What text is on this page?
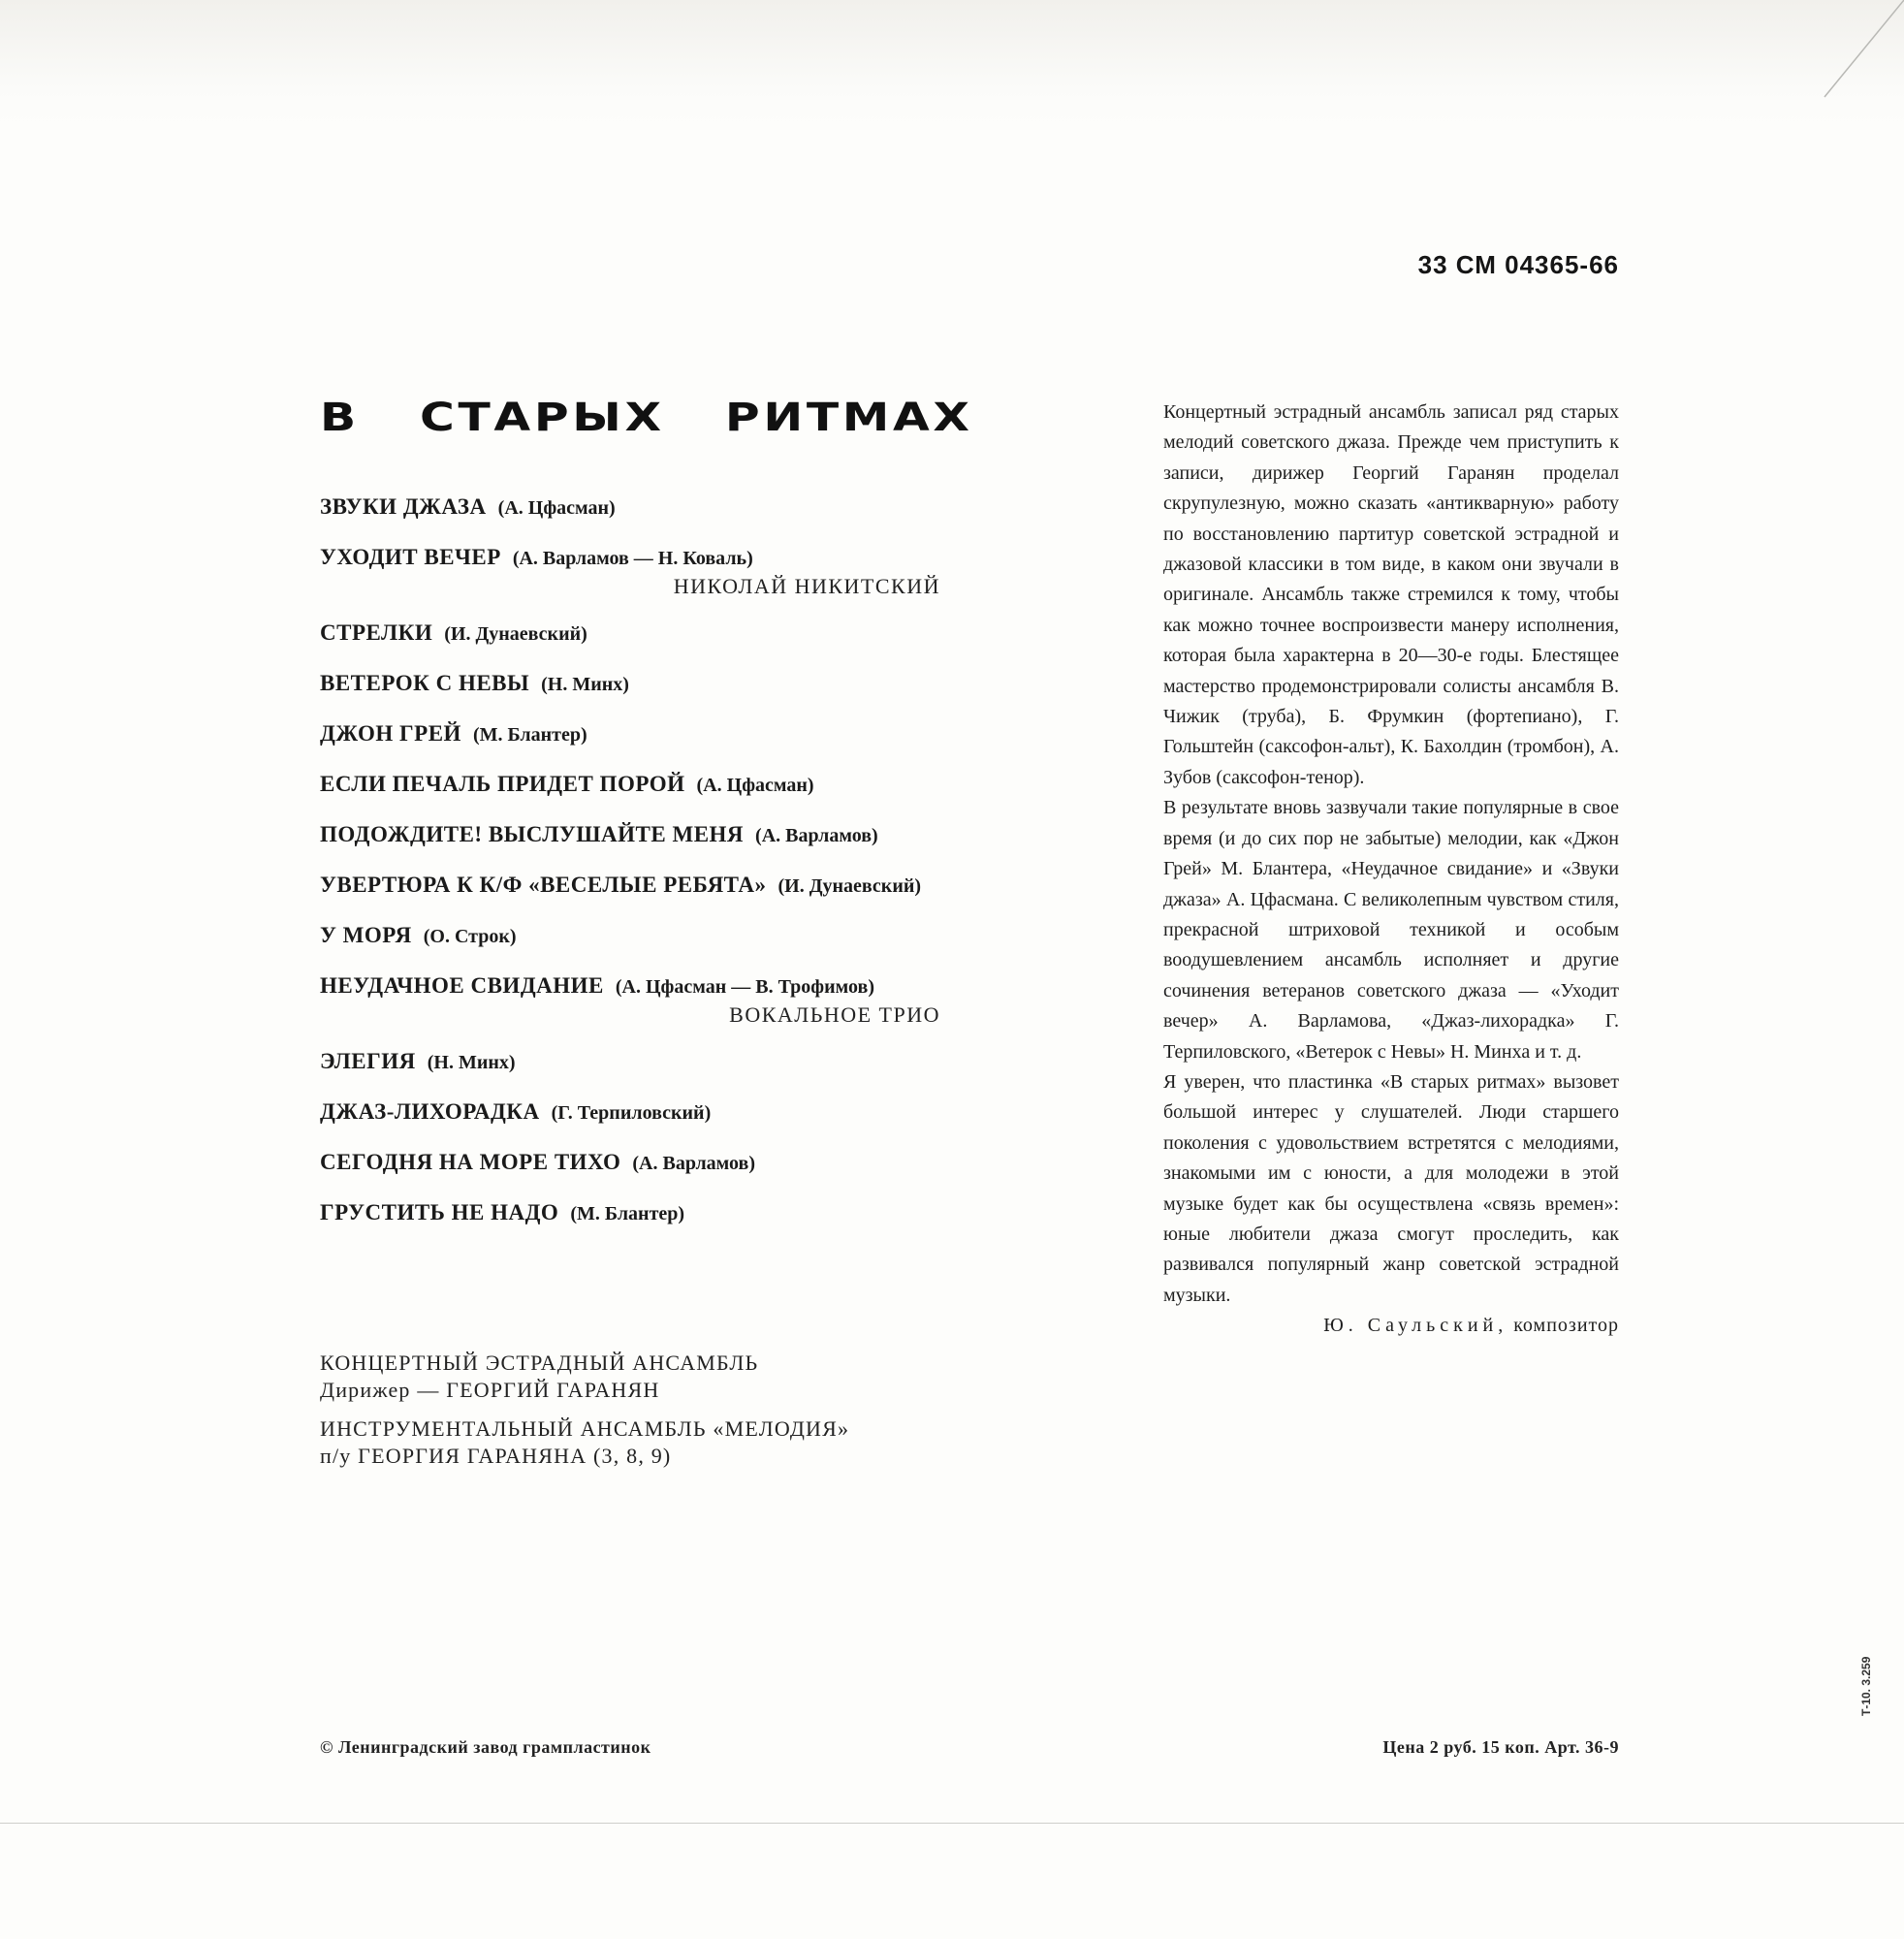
33 СМ 04365-66
В СТАРЫХ РИТМАХ
ЗВУКИ ДЖАЗА (А. Цфасман)
УХОДИТ ВЕЧЕР (А. Варламов — Н. Коваль)
НИКОЛАЙ НИКИТСКИЙ
СТРЕЛКИ (И. Дунаевский)
ВЕТЕРОК С НЕВЫ (Н. Минх)
ДЖОН ГРЕЙ (М. Блантер)
ЕСЛИ ПЕЧАЛЬ ПРИДЕТ ПОРОЙ (А. Цфасман)
ПОДОЖДИТЕ! ВЫСЛУШАЙТЕ МЕНЯ (А. Варламов)
УВЕРТЮРА К К/Ф «ВЕСЕЛЫЕ РЕБЯТА» (И. Дунаевский)
У МОРЯ (О. Строк)
НЕУДАЧНОЕ СВИДАНИЕ (А. Цфасман — В. Трофимов)
ВОКАЛЬНОЕ ТРИО
ЭЛЕГИЯ (Н. Минх)
ДЖАЗ-ЛИХОРАДКА (Г. Терпиловский)
СЕГОДНЯ НА МОРЕ ТИХО (А. Варламов)
ГРУСТИТЬ НЕ НАДО (М. Блантер)
КОНЦЕРТНЫЙ ЭСТРАДНЫЙ АНСАМБЛЬ
Дирижер — ГЕОРГИЙ ГАРАНЯН
ИНСТРУМЕНТАЛЬНЫЙ АНСАМБЛЬ «МЕЛОДИЯ»
п/у ГЕОРГИЯ ГАРАНЯНА (3, 8, 9)

Концертный эстрадный ансамбль записал ряд старых мелодий советского джаза. Прежде чем приступить к записи, дирижер Георгий Гаранян проделал скрупулезную, можно сказать «антикварную» работу по восстановлению партитур советской эстрадной и джазовой классики в том виде, в каком они звучали в оригинале. Ансамбль также стремился к тому, чтобы как можно точнее воспроизвести манеру исполнения, которая была характерна в 20—30-е годы. Блестящее мастерство продемонстрировали солисты ансамбля В. Чижик (труба), Б. Фрумкин (фортепиано), Г. Гольштейн (саксофон-альт), К. Бахолдин (тромбон), А. Зубов (саксофон-тенор).

В результате вновь зазвучали такие популярные в свое время (и до сих пор не забытые) мелодии, как «Джон Грей» М. Блантера, «Неудачное свидание» и «Звуки джаза» А. Цфасмана. С великолепным чувством стиля, прекрасной штриховой техникой и особым воодушевлением ансамбль исполняет и другие сочинения ветеранов советского джаза — «Уходит вечер» А. Варламова, «Джаз-лихорадка» Г. Терпиловского, «Ветерок с Невы» Н. Минха и т. д.

Я уверен, что пластинка «В старых ритмах» вызовет большой интерес у слушателей. Люди старшего поколения с удовольствием встретятся с мелодиями, знакомыми им с юности, а для молодежи в этой музыке будет как бы осуществлена «связь времен»: юные любители джаза смогут проследить, как развивался популярный жанр советской эстрадной музыки.

Ю. Саульский, композитор

© Ленинградский завод грампластинок	Цена 2 руб. 15 коп. Арт. 36-9
Т-10. 3.259
